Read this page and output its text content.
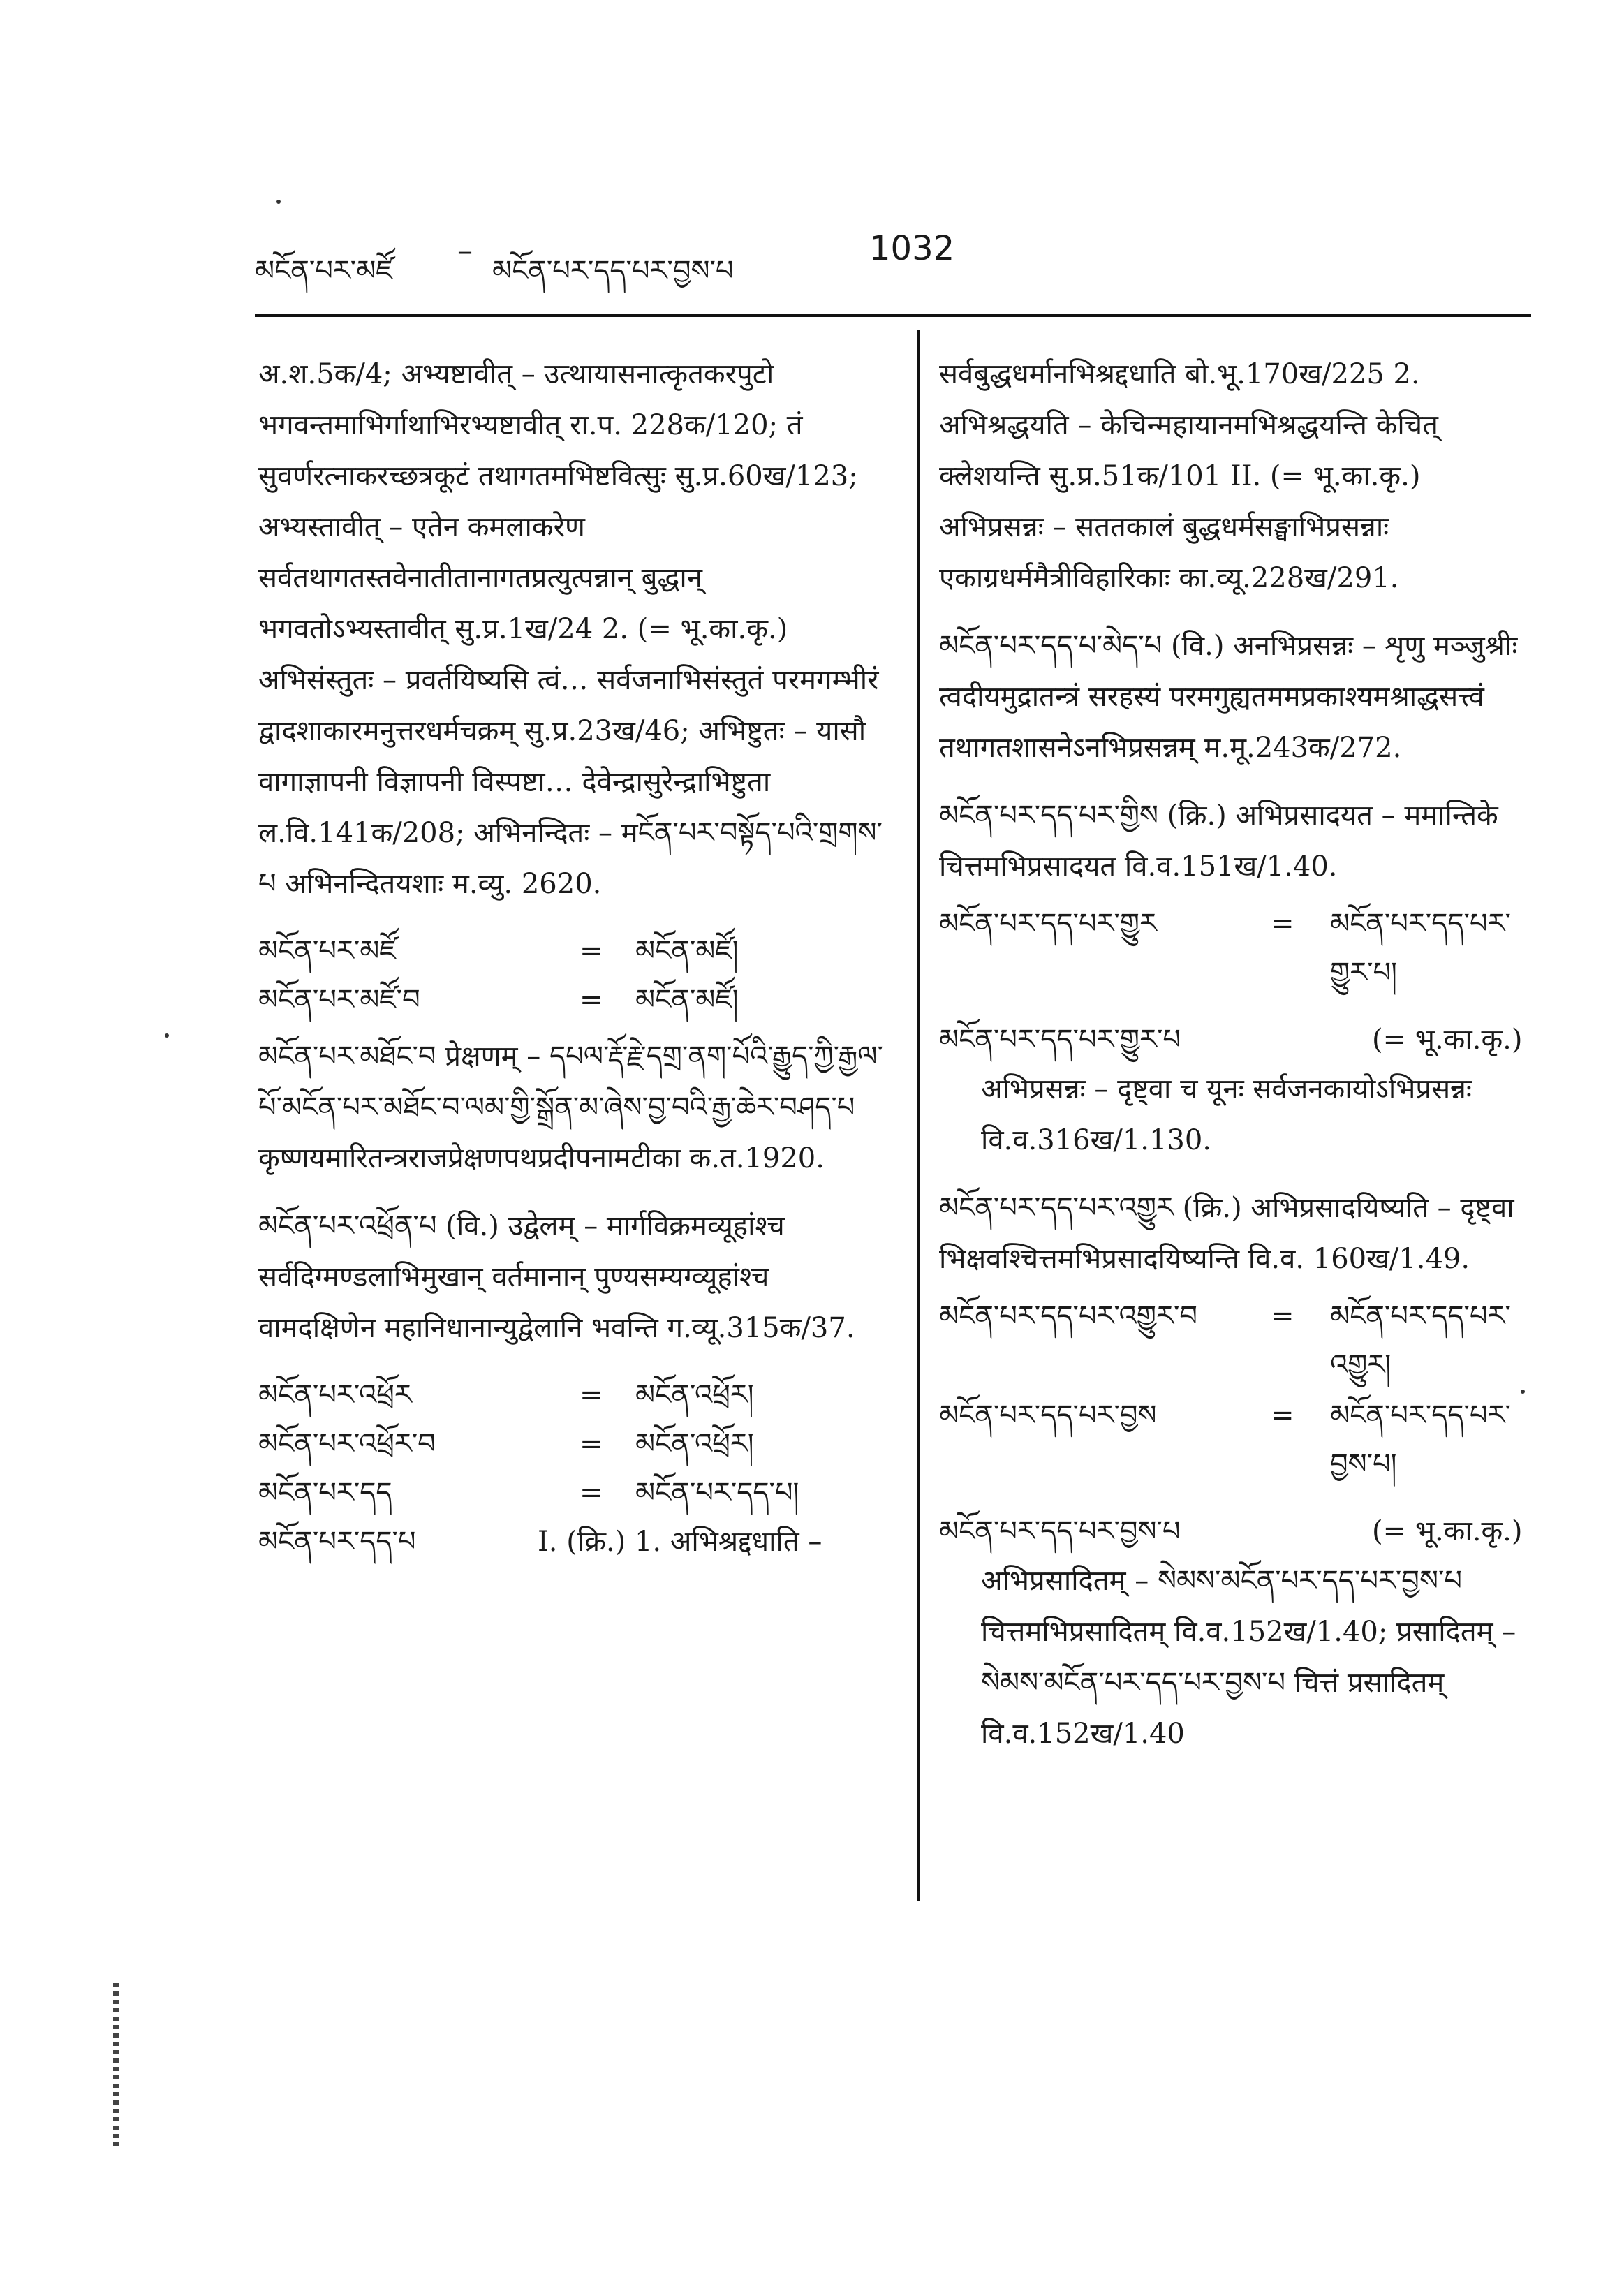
མངོན་པར་མཛོ
–
མངོན་པར་དད་པར་བྱས་པ
1032

अ.श.5क/4; अभ्यष्टावीत् – उत्थायासनात्कृतकरपुटो भगवन्तमाभिर्गाथाभिरभ्यष्टावीत् रा.प. 228क/120; तं सुवर्णरत्नाकरच्छत्रकूटं तथागतमभिष्टवित्सुः सु.प्र.60ख/123; अभ्यस्तावीत् – एतेन कमलाकरेण सर्वतथागतस्तवेनातीतानागतप्रत्युत्पन्नान् बुद्धान् भगवतोऽभ्यस्तावीत् सु.प्र.1ख/24 2. (= भू.का.कृ.) अभिसंस्तुतः – प्रवर्तयिष्यसि त्वं… सर्वजनाभिसंस्तुतं परमगम्भीरं द्वादशाकारमनुत्तरधर्मचक्रम् सु.प्र.23ख/46; अभिष्टुतः – यासौ वागाज्ञापनी विज्ञापनी विस्पष्टा… देवेन्द्रासुरेन्द्राभिष्टुता ल.वि.141क/208; अभिनन्दितः – मངོན་པར་བསྟོད་པའི་གྲགས་པ अभिनन्दितयशाः म.व्यु. 2620.

མངོན་པར་མཛོ	= མངོན་མཛོ།
མངོན་པར་མཛོ་བ	= མངོན་མཛོ།

མངོན་པར་མཐོང་བ प्रेक्षणम् – དཔལ་རྡོ་རྗེ་དགྲ་ནག་པོའི་རྒྱུད་ཀྱི་རྒྱལ་པོ་མངོན་པར་མཐོང་བ་ལམ་གྱི་སྒྲོན་མ་ཞེས་བྱ་བའི་རྒྱ་ཆེར་བཤད་པ कृष्णयमारितन्त्रराजप्रेक्षणपथप्रदीपनामटीका क.त.1920.

མངོན་པར་འཕྲོན་པ (वि.) उद्वेलम् – मार्गविक्रमव्यूहांश्च सर्वदिग्मण्डलाभिमुखान् वर्तमानान् पुण्यसम्यग्व्यूहांश्च वामदक्षिणेन महानिधानान्युद्वेलानि भवन्ति ग.व्यू.315क/37.

མངོན་པར་འཕྲོར	= མངོན་འཕྲོར།
མངོན་པར་འཕྲོར་བ	= མངོན་འཕྲོར།
མངོན་པར་དད	= མངོན་པར་དད་པ།
མངོན་པར་དད་པ	I. (क्रि.) 1. अभिश्रद्दधाति –

सर्वबुद्धधर्मानभिश्रद्दधाति बो.भू.170ख/225 2. अभिश्रद्धयति – केचिन्महायानमभिश्रद्धयन्ति केचित् क्लेशयन्ति सु.प्र.51क/101 II. (= भू.का.कृ.) अभिप्रसन्नः – सततकालं बुद्धधर्मसङ्घाभिप्रसन्नाः एकाग्रधर्ममैत्रीविहारिकाः का.व्यू.228ख/291.

མངོན་པར་དད་པ་མེད་པ (वि.) अनभिप्रसन्नः – शृणु मञ्जुश्रीः त्वदीयमुद्रातन्त्रं सरहस्यं परमगुह्यतममप्रकाश्यमश्राद्धसत्त्वं तथागतशासनेऽनभिप्रसन्नम् म.मू.243क/272.

མངོན་པར་དད་པར་གྱིས (क्रि.) अभिप्रसादयत – ममान्तिके चित्तमभिप्रसादयत वि.व.151ख/1.40.

མངོན་པར་དད་པར་གྱུར	= མངོན་པར་དད་པར་
གྱུར་པ།
མངོན་པར་དད་པར་གྱུར་པ	(= भू.का.कृ.)

अभिप्रसन्नः – दृष्ट्वा च यूनः सर्वजनकायोऽभिप्रसन्नः वि.व.316ख/1.130.

མངོན་པར་དད་པར་འགྱུར (क्रि.) अभिप्रसादयिष्यति – दृष्ट्वा भिक्षवश्चित्तमभिप्रसादयिष्यन्ति वि.व. 160ख/1.49.

མངོན་པར་དད་པར་འགྱུར་བ	= མངོན་པར་དད་པར་
འགྱུར།
མངོན་པར་དད་པར་བྱས	= མངོན་པར་དད་པར་
བྱས་པ།
མངོན་པར་དད་པར་བྱས་པ	(= भू.का.कृ.)

अभिप्रसादितम् – སེམས་མངོན་པར་དད་པར་བྱས་པ चित्तमभिप्रसादितम् वि.व.152ख/1.40; प्रसादितम् – སེམས་མངོན་པར་དད་པར་བྱས་པ चित्तं प्रसादितम् वि.व.152ख/1.40
